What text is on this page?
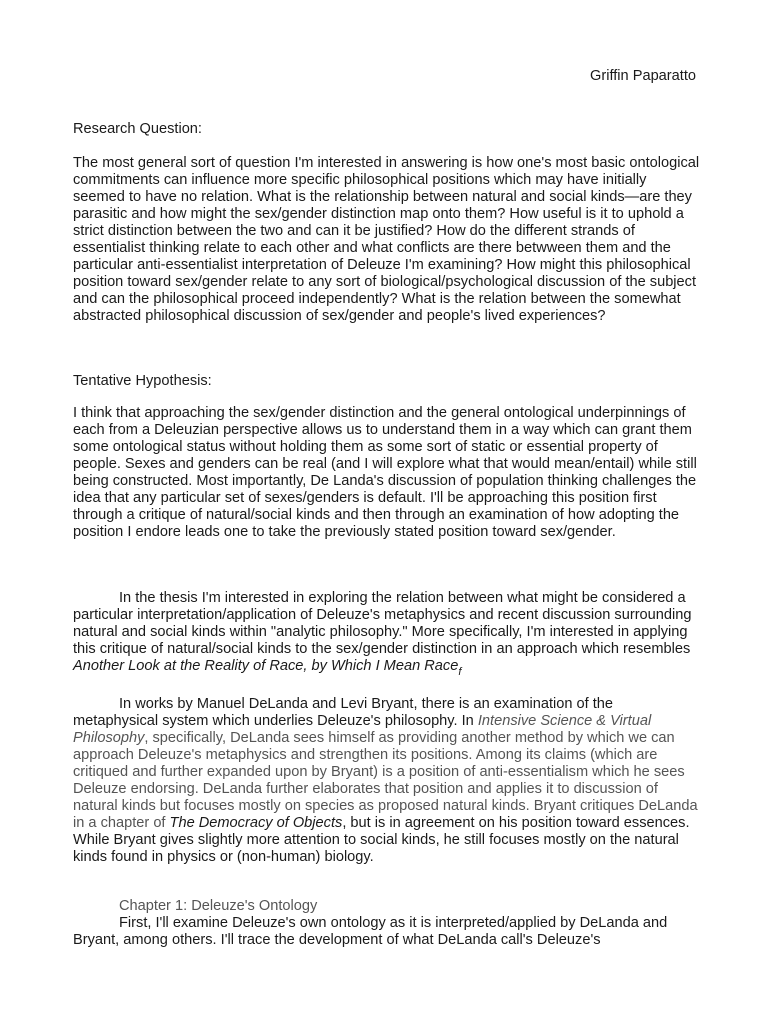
Griffin Paparatto
Research Question:

The most general sort of question I'm interested in answering is how one's most basic ontological commitments can influence more specific philosophical positions which may have initially seemed to have no relation. What is the relationship between natural and social kinds—are they parasitic and how might the sex/gender distinction map onto them? How useful is it to uphold a strict distinction between the two and can it be justified? How do the different strands of essentialist thinking relate to each other and what conflicts are there betwween them and the particular anti-essentialist interpretation of Deleuze I'm examining? How might this philosophical position toward sex/gender relate to any sort of biological/psychological discussion of the subject and can the philosophical proceed independently? What is the relation between the somewhat abstracted philosophical discussion of sex/gender and people's lived experiences?

Tentative Hypothesis:

I think that approaching the sex/gender distinction and the general ontological underpinnings of each from a Deleuzian perspective allows us to understand them in a way which can grant them some ontological status without holding them as some sort of static or essential property of people. Sexes and genders can be real (and I will explore what that would mean/entail) while still being constructed. Most importantly, De Landa's discussion of population thinking challenges the idea that any particular set of sexes/genders is default. I'll be approaching this position first through a critique of natural/social kinds and then through an examination of how adopting the position I endore leads one to take the previously stated position toward sex/gender.

In the thesis I'm interested in exploring the relation between what might be considered a particular interpretation/application of Deleuze's metaphysics and recent discussion surrounding natural and social kinds within "analytic philosophy." More specifically, I'm interested in applying this critique of natural/social kinds to the sex/gender distinction in an approach which resembles Another Look at the Reality of Race, by Which I Mean Race$_f$

In works by Manuel DeLanda and Levi Bryant, there is an examination of the metaphysical system which underlies Deleuze's philosophy. In Intensive Science & Virtual Philosophy, specifically, DeLanda sees himself as providing another method by which we can approach Deleuze's metaphysics and strengthen its positions. Among its claims (which are critiqued and further expanded upon by Bryant) is a position of anti-essentialism which he sees Deleuze endorsing. DeLanda further elaborates that position and applies it to discussion of natural kinds but focuses mostly on species as proposed natural kinds. Bryant critiques DeLanda in a chapter of The Democracy of Objects, but is in agreement on his position toward essences. While Bryant gives slightly more attention to social kinds, he still focuses mostly on the natural kinds found in physics or (non-human) biology.

Chapter 1: Deleuze's Ontology

First, I'll examine Deleuze's own ontology as it is interpreted/applied by DeLanda and Bryant, among others. I'll trace the development of what DeLanda call's Deleuze's
